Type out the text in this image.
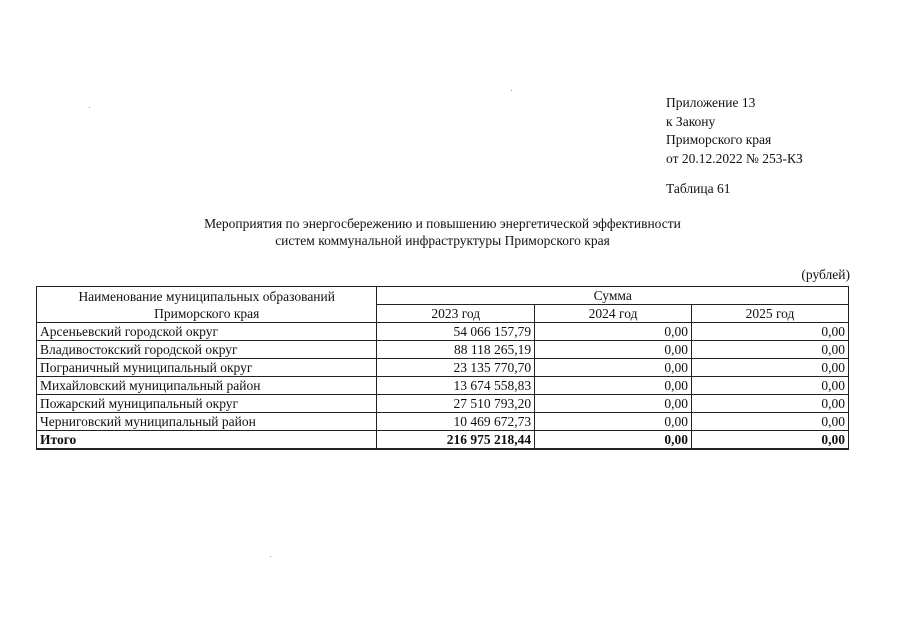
Приложение 13
к Закону
Приморского края
от 20.12.2022 № 253-КЗ
Таблица 61
Мероприятия по энергосбережению и повышению энергетической эффективности
систем коммунальной инфраструктуры Приморского края
(рублей)
Наименование муниципальных образований
Приморского края	Сумма		
	2023 год	2024 год	2025 год
Арсеньевский городской округ	54 066 157,79	0,00	0,00
Владивостокский городской округ	88 118 265,19	0,00	0,00
Пограничный муниципальный округ	23 135 770,70	0,00	0,00
Михайловский муниципальный район	13 674 558,83	0,00	0,00
Пожарский муниципальный округ	27 510 793,20	0,00	0,00
Черниговский муниципальный район	10 469 672,73	0,00	0,00
Итого	216 975 218,44	0,00	0,00
